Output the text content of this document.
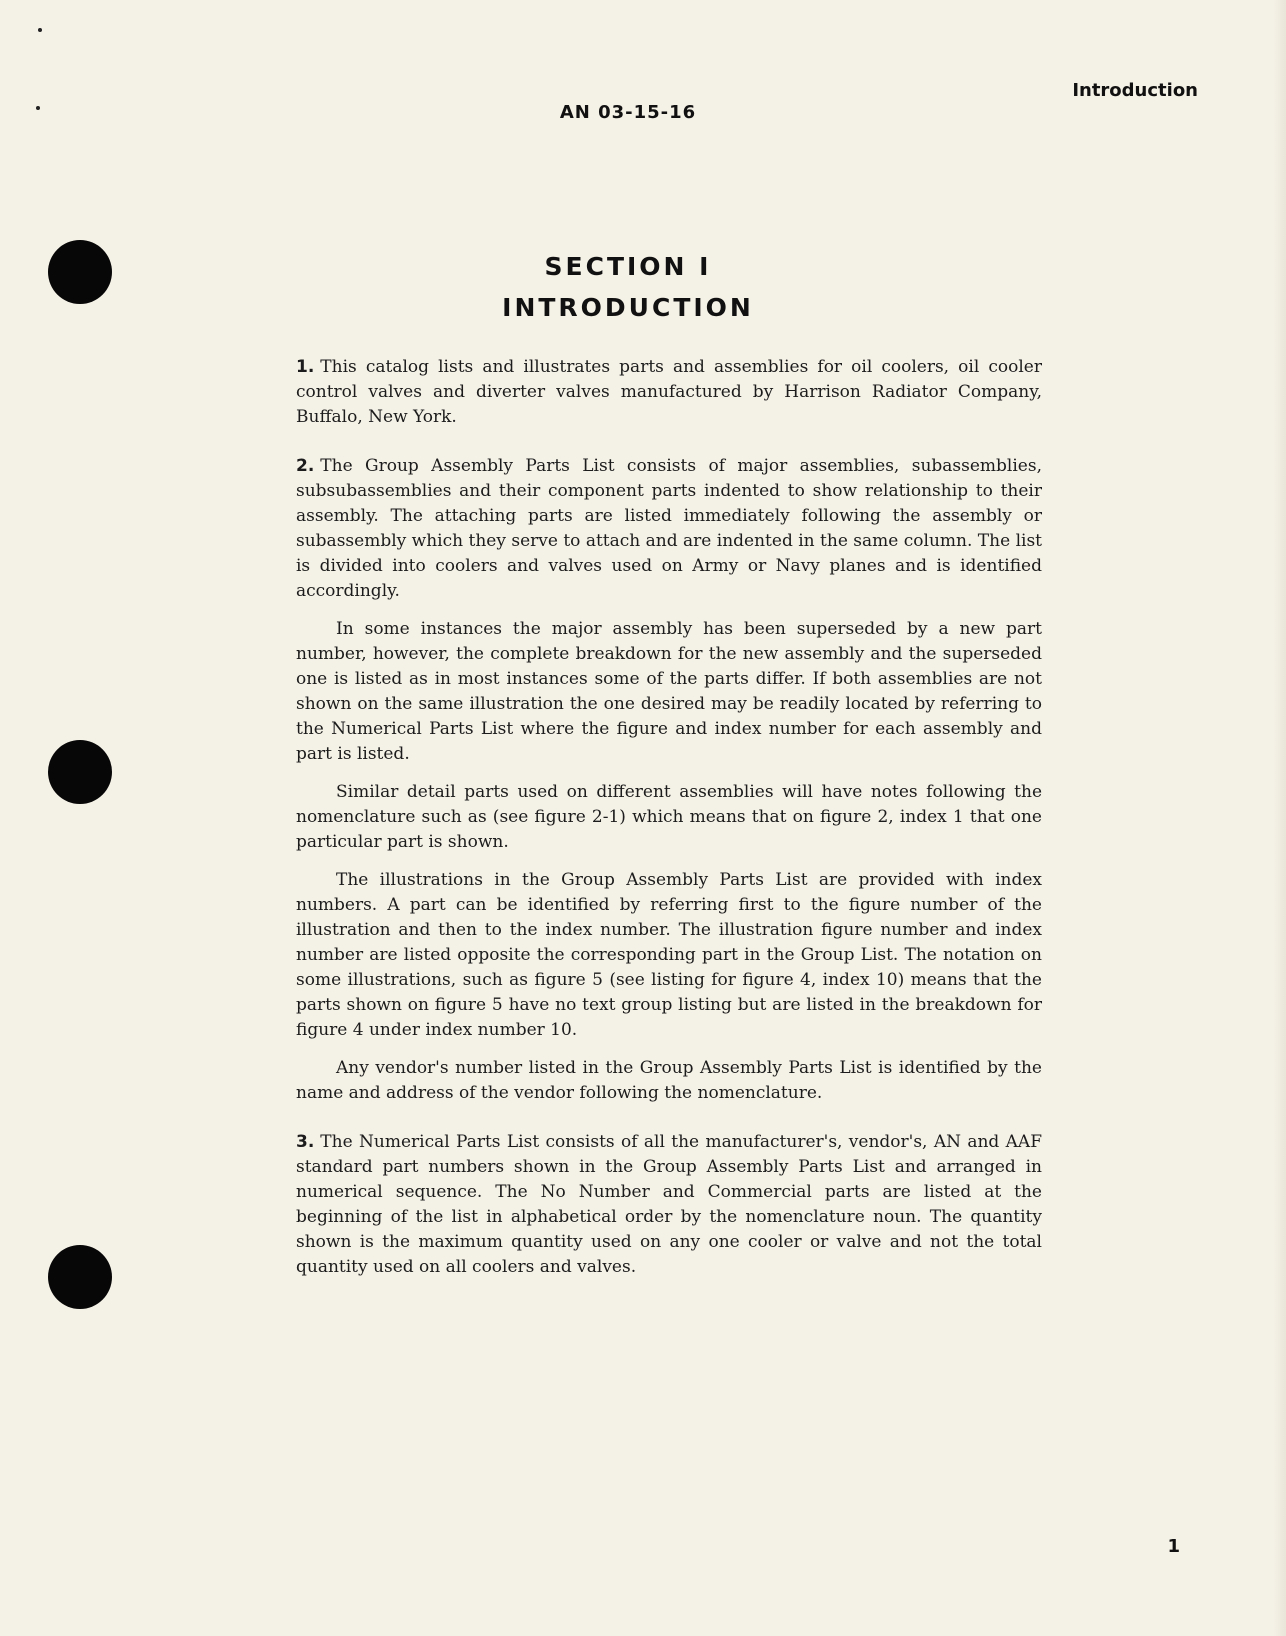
Introduction
AN 03-15-16
SECTION I
INTRODUCTION

1. This catalog lists and illustrates parts and assemblies for oil coolers, oil cooler control valves and diverter valves manufactured by Harrison Radiator Company, Buffalo, New York.

2. The Group Assembly Parts List consists of major assemblies, subassemblies, subsubassemblies and their component parts indented to show relationship to their assembly. The attaching parts are listed immediately following the assembly or subassembly which they serve to attach and are indented in the same column. The list is divided into coolers and valves used on Army or Navy planes and is identified accordingly.

In some instances the major assembly has been superseded by a new part number, however, the complete breakdown for the new assembly and the superseded one is listed as in most instances some of the parts differ. If both assemblies are not shown on the same illustration the one desired may be readily located by referring to the Numerical Parts List where the figure and index number for each assembly and part is listed.

Similar detail parts used on different assemblies will have notes following the nomenclature such as (see figure 2-1) which means that on figure 2, index 1 that one particular part is shown.

The illustrations in the Group Assembly Parts List are provided with index numbers. A part can be identified by referring first to the figure number of the illustration and then to the index number. The illustration figure number and index number are listed opposite the corresponding part in the Group List. The notation on some illustrations, such as figure 5 (see listing for figure 4, index 10) means that the parts shown on figure 5 have no text group listing but are listed in the breakdown for figure 4 under index number 10.

Any vendor's number listed in the Group Assembly Parts List is identified by the name and address of the vendor following the nomenclature.

3. The Numerical Parts List consists of all the manufacturer's, vendor's, AN and AAF standard part numbers shown in the Group Assembly Parts List and arranged in numerical sequence. The No Number and Commercial parts are listed at the beginning of the list in alphabetical order by the nomenclature noun. The quantity shown is the maximum quantity used on any one cooler or valve and not the total quantity used on all coolers and valves.

1
